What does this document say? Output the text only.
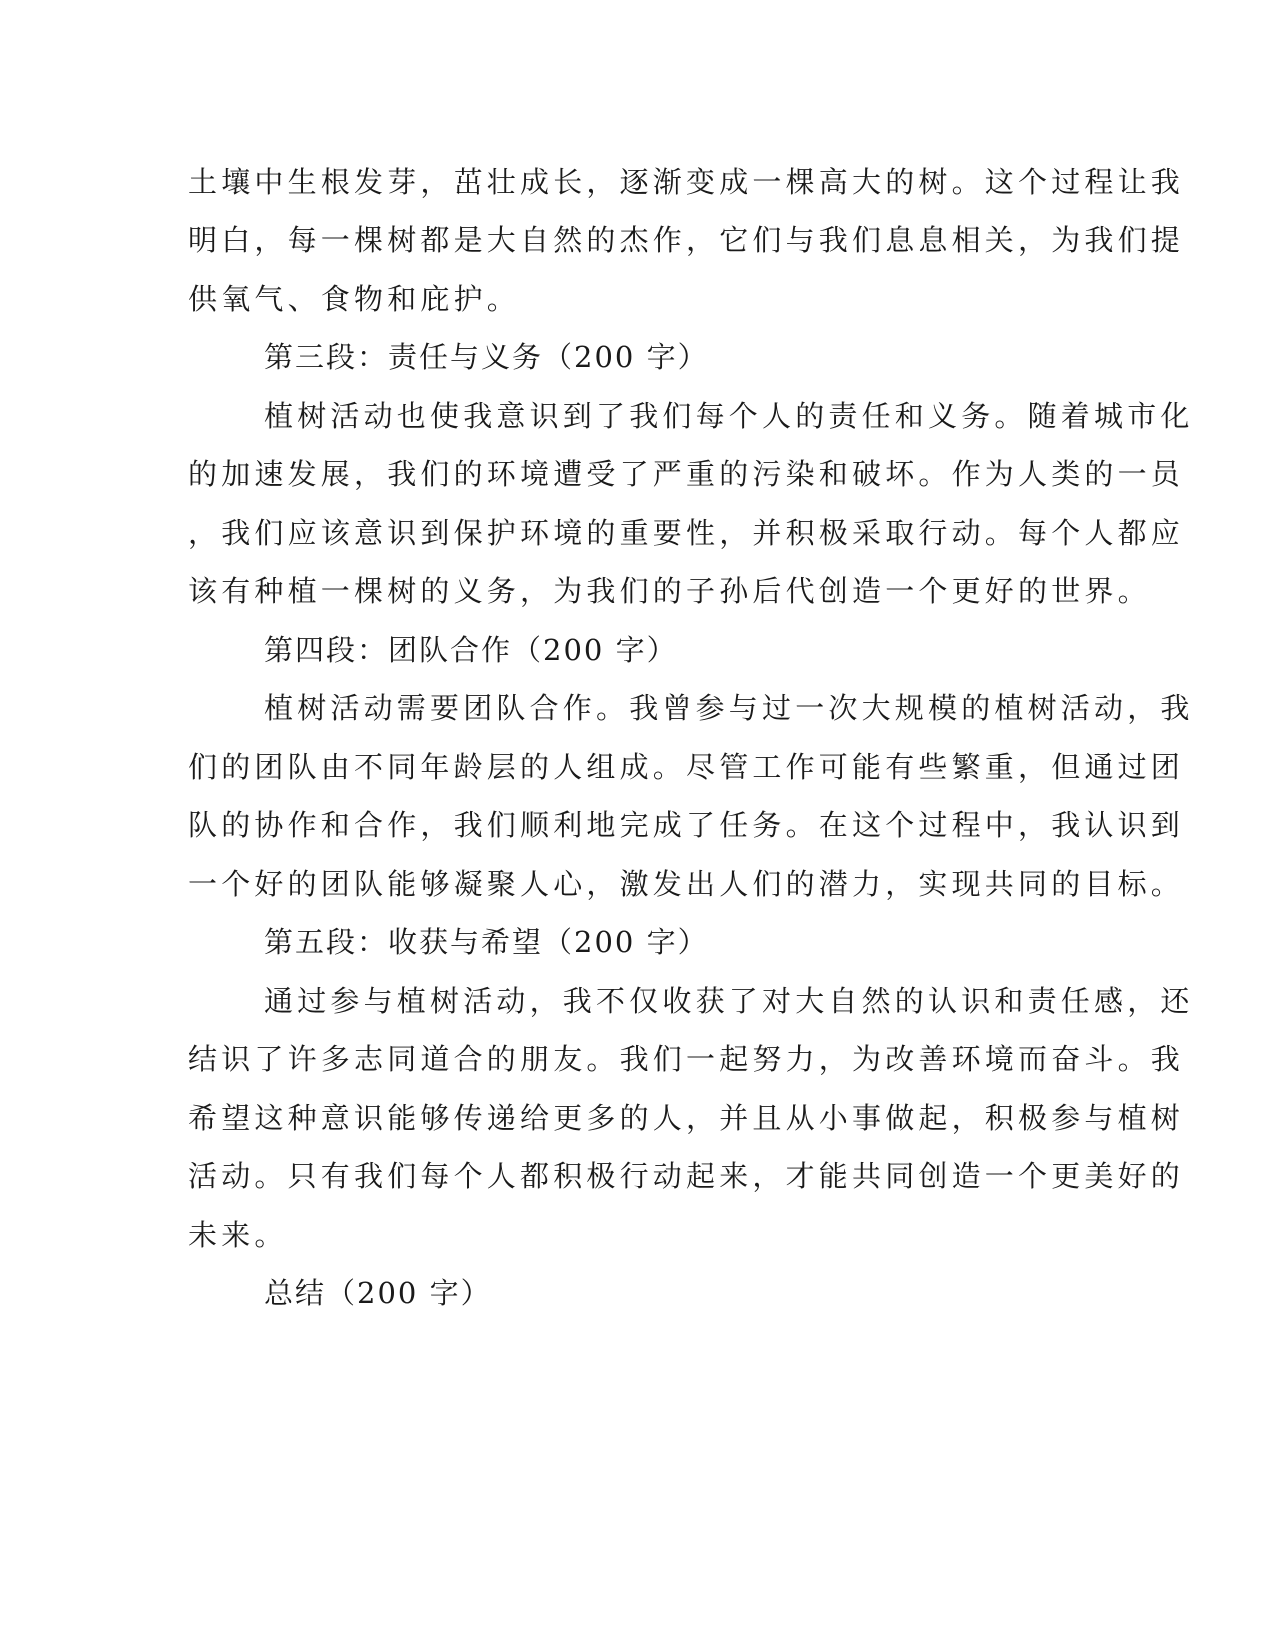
土壤中生根发芽，茁壮成长，逐渐变成一棵高大的树。这个过程让我
明白，每一棵树都是大自然的杰作，它们与我们息息相关，为我们提
供氧气、食物和庇护。
第三段：责任与义务（200 字）
植树活动也使我意识到了我们每个人的责任和义务。随着城市化
的加速发展，我们的环境遭受了严重的污染和破坏。作为人类的一员
，我们应该意识到保护环境的重要性，并积极采取行动。每个人都应
该有种植一棵树的义务，为我们的子孙后代创造一个更好的世界。
第四段：团队合作（200 字）
植树活动需要团队合作。我曾参与过一次大规模的植树活动，我
们的团队由不同年龄层的人组成。尽管工作可能有些繁重，但通过团
队的协作和合作，我们顺利地完成了任务。在这个过程中，我认识到
一个好的团队能够凝聚人心，激发出人们的潜力，实现共同的目标。
第五段：收获与希望（200 字）
通过参与植树活动，我不仅收获了对大自然的认识和责任感，还
结识了许多志同道合的朋友。我们一起努力，为改善环境而奋斗。我
希望这种意识能够传递给更多的人，并且从小事做起，积极参与植树
活动。只有我们每个人都积极行动起来，才能共同创造一个更美好的
未来。
总结（200 字）
